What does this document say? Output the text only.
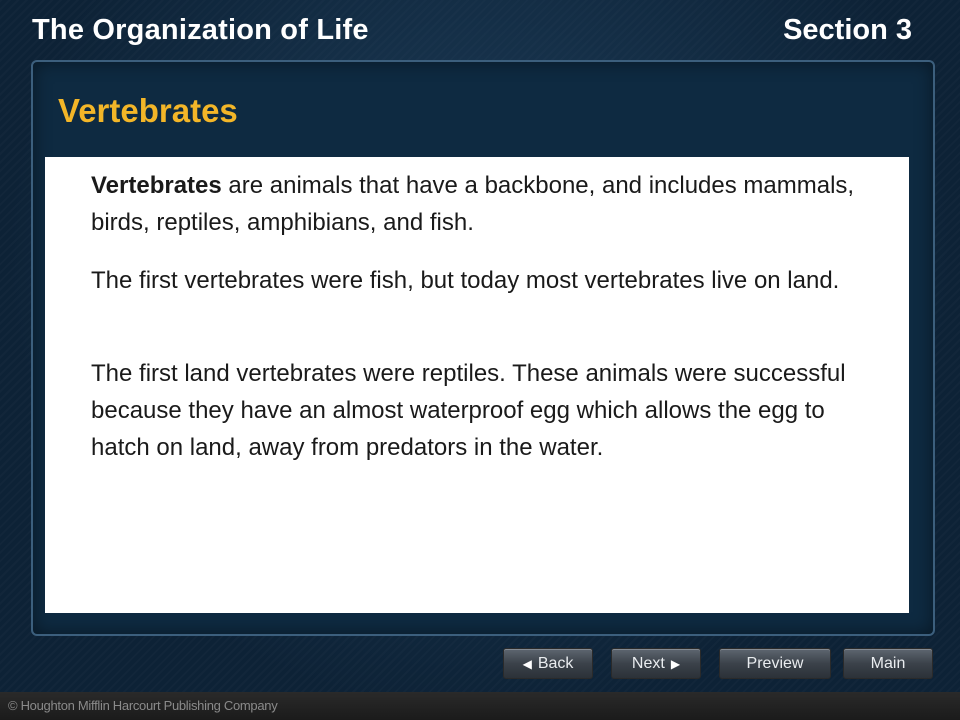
The Organization of Life	Section 3
Vertebrates

Vertebrates are animals that have a backbone, and includes mammals, birds, reptiles, amphibians, and fish.

The first vertebrates were fish, but today most vertebrates live on land.

The first land vertebrates were reptiles. These animals were successful because they have an almost waterproof egg which allows the egg to hatch on land, away from predators in the water.

◀ Back	Next ▶	Preview	Main
© Houghton Mifflin Harcourt Publishing Company
